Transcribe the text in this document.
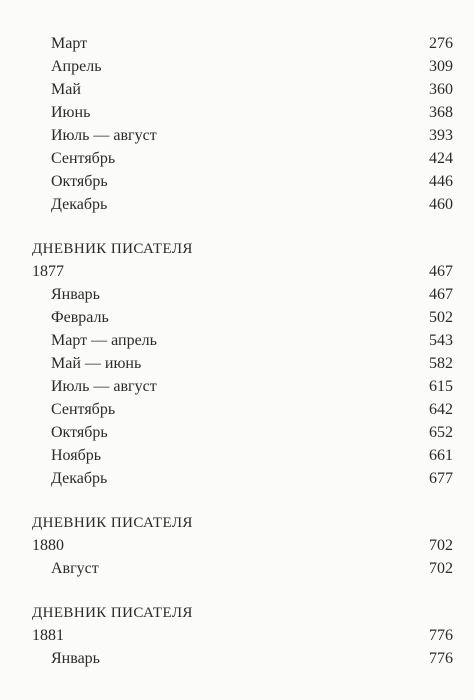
Март	276
Апрель	309
Май	360
Июнь	368
Июль — август	393
Сентябрь	424
Октябрь	446
Декабрь	460
ДНЕВНИК ПИСАТЕЛЯ
1877	467
Январь	467
Февраль	502
Март — апрель	543
Май — июнь	582
Июль — август	615
Сентябрь	642
Октябрь	652
Ноябрь	661
Декабрь	677
ДНЕВНИК ПИСАТЕЛЯ
1880	702
Август	702
ДНЕВНИК ПИСАТЕЛЯ
1881	776
Январь	776
